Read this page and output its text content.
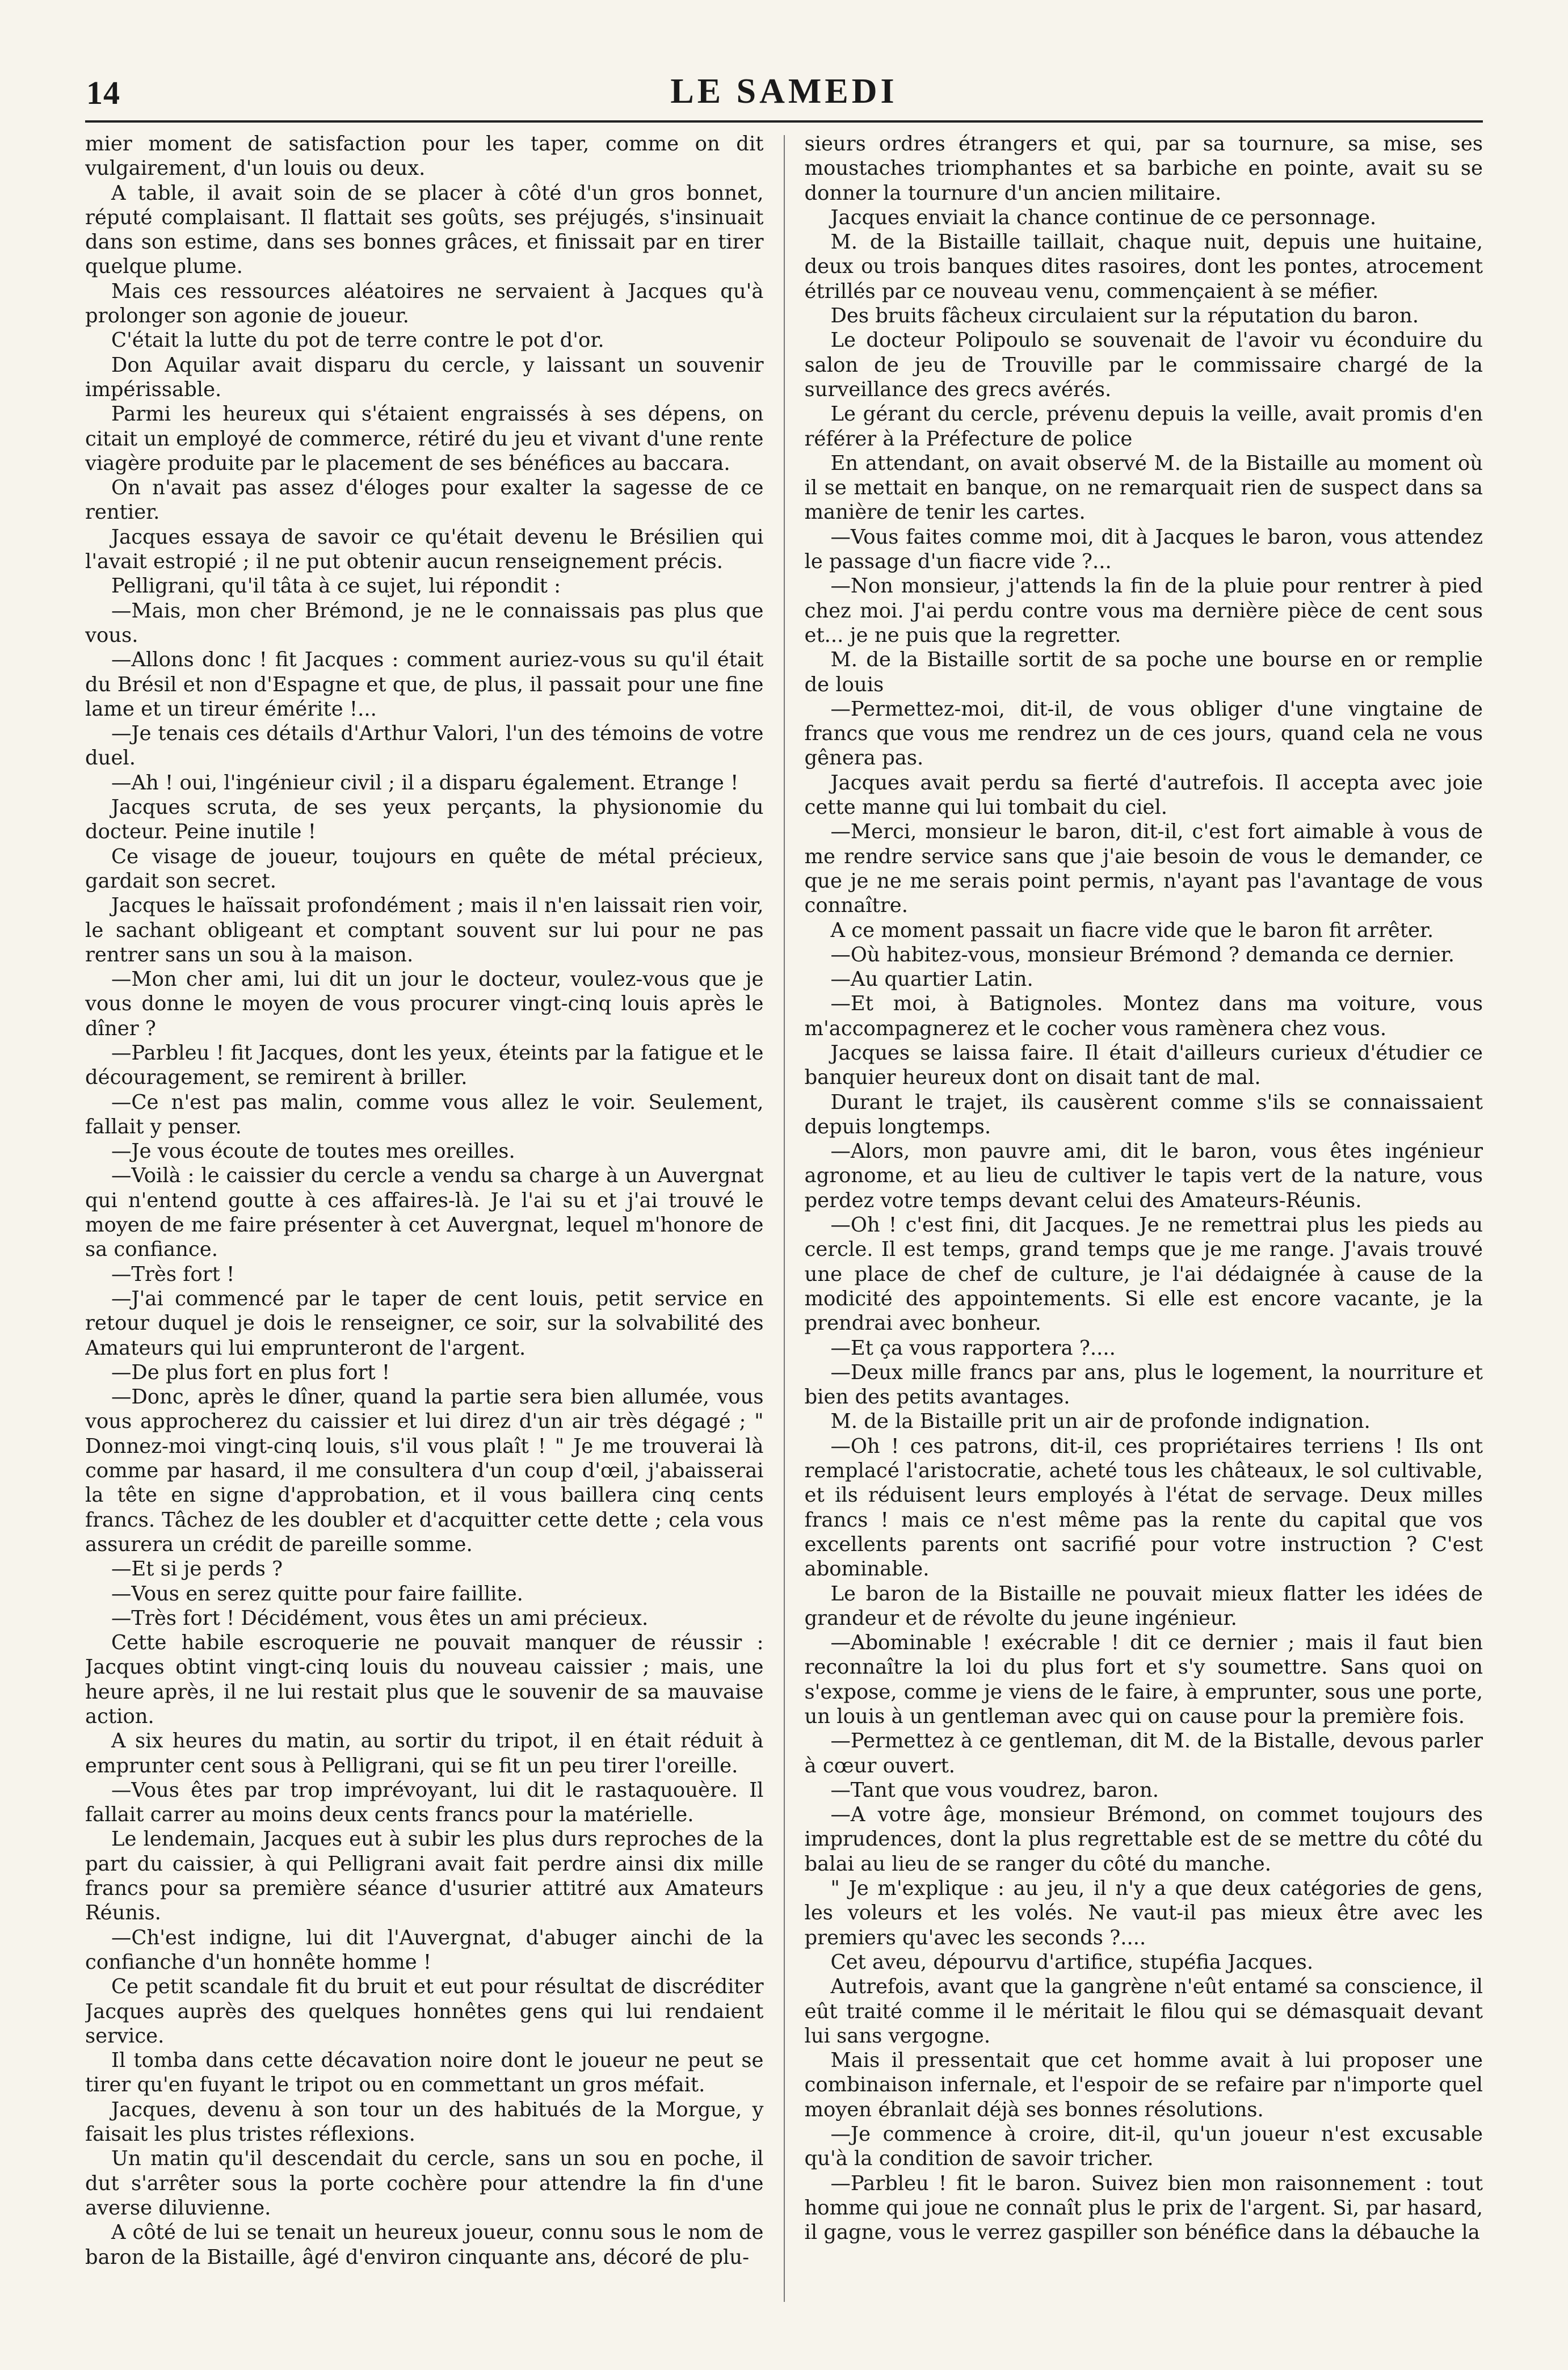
14	LE SAMEDI

mier moment de satisfaction pour les taper, comme on dit vulgairement, d'un louis ou deux.

A table, il avait soin de se placer à côté d'un gros bonnet, réputé complaisant. Il flattait ses goûts, ses préjugés, s'insinuait dans son estime, dans ses bonnes grâces, et finissait par en tirer quelque plume.

Mais ces ressources aléatoires ne servaient à Jacques qu'à prolonger son agonie de joueur.

C'était la lutte du pot de terre contre le pot d'or.

Don Aquilar avait disparu du cercle, y laissant un souvenir impérissable.

Parmi les heureux qui s'étaient engraissés à ses dépens, on citait un employé de commerce, rétiré du jeu et vivant d'une rente viagère produite par le placement de ses bénéfices au baccara.

On n'avait pas assez d'éloges pour exalter la sagesse de ce rentier.

Jacques essaya de savoir ce qu'était devenu le Brésilien qui l'avait estropié ; il ne put obtenir aucun renseignement précis.

Pelligrani, qu'il tâta à ce sujet, lui répondit :

—Mais, mon cher Brémond, je ne le connaissais pas plus que vous.

—Allons donc ! fit Jacques : comment auriez-vous su qu'il était du Brésil et non d'Espagne et que, de plus, il passait pour une fine lame et un tireur émérite !...

—Je tenais ces détails d'Arthur Valori, l'un des témoins de votre duel.

—Ah ! oui, l'ingénieur civil ; il a disparu également. Etrange !

Jacques scruta, de ses yeux perçants, la physionomie du docteur. Peine inutile !

Ce visage de joueur, toujours en quête de métal précieux, gardait son secret.

Jacques le haïssait profondément ; mais il n'en laissait rien voir, le sachant obligeant et comptant souvent sur lui pour ne pas rentrer sans un sou à la maison.

—Mon cher ami, lui dit un jour le docteur, voulez-vous que je vous donne le moyen de vous procurer vingt-cinq louis après le dîner ?

—Parbleu ! fit Jacques, dont les yeux, éteints par la fatigue et le découragement, se remirent à briller.

—Ce n'est pas malin, comme vous allez le voir. Seulement, fallait y penser.

—Je vous écoute de toutes mes oreilles.

—Voilà : le caissier du cercle a vendu sa charge à un Auvergnat qui n'entend goutte à ces affaires-là. Je l'ai su et j'ai trouvé le moyen de me faire présenter à cet Auvergnat, lequel m'honore de sa confiance.

—Très fort !

—J'ai commencé par le taper de cent louis, petit service en retour duquel je dois le renseigner, ce soir, sur la solvabilité des Amateurs qui lui emprunteront de l'argent.

—De plus fort en plus fort !

—Donc, après le dîner, quand la partie sera bien allumée, vous vous approcherez du caissier et lui direz d'un air très dégagé ; " Donnez-moi vingt-cinq louis, s'il vous plaît ! " Je me trouverai là comme par hasard, il me consultera d'un coup d'œil, j'abaisserai la tête en signe d'approbation, et il vous baillera cinq cents francs. Tâchez de les doubler et d'acquitter cette dette ; cela vous assurera un crédit de pareille somme.

—Et si je perds ?

—Vous en serez quitte pour faire faillite.

—Très fort ! Décidément, vous êtes un ami précieux.

Cette habile escroquerie ne pouvait manquer de réussir : Jacques obtint vingt-cinq louis du nouveau caissier ; mais, une heure après, il ne lui restait plus que le souvenir de sa mauvaise action.

A six heures du matin, au sortir du tripot, il en était réduit à emprunter cent sous à Pelligrani, qui se fit un peu tirer l'oreille.

—Vous êtes par trop imprévoyant, lui dit le rastaquouère. Il fallait carrer au moins deux cents francs pour la matérielle.

Le lendemain, Jacques eut à subir les plus durs reproches de la part du caissier, à qui Pelligrani avait fait perdre ainsi dix mille francs pour sa première séance d'usurier attitré aux Amateurs Réunis.

—Ch'est indigne, lui dit l'Auvergnat, d'abuger ainchi de la confianche d'un honnête homme !

Ce petit scandale fit du bruit et eut pour résultat de discréditer Jacques auprès des quelques honnêtes gens qui lui rendaient service.

Il tomba dans cette décavation noire dont le joueur ne peut se tirer qu'en fuyant le tripot ou en commettant un gros méfait.

Jacques, devenu à son tour un des habitués de la Morgue, y faisait les plus tristes réflexions.

Un matin qu'il descendait du cercle, sans un sou en poche, il dut s'arrêter sous la porte cochère pour attendre la fin d'une averse diluvienne.

A côté de lui se tenait un heureux joueur, connu sous le nom de baron de la Bistaille, âgé d'environ cinquante ans, décoré de plu-

sieurs ordres étrangers et qui, par sa tournure, sa mise, ses moustaches triomphantes et sa barbiche en pointe, avait su se donner la tournure d'un ancien militaire.

Jacques enviait la chance continue de ce personnage.

M. de la Bistaille taillait, chaque nuit, depuis une huitaine, deux ou trois banques dites rasoires, dont les pontes, atrocement étrillés par ce nouveau venu, commençaient à se méfier.

Des bruits fâcheux circulaient sur la réputation du baron.

Le docteur Polipoulo se souvenait de l'avoir vu éconduire du salon de jeu de Trouville par le commissaire chargé de la surveillance des grecs avérés.

Le gérant du cercle, prévenu depuis la veille, avait promis d'en référer à la Préfecture de police

En attendant, on avait observé M. de la Bistaille au moment où il se mettait en banque, on ne remarquait rien de suspect dans sa manière de tenir les cartes.

—Vous faites comme moi, dit à Jacques le baron, vous attendez le passage d'un fiacre vide ?...

—Non monsieur, j'attends la fin de la pluie pour rentrer à pied chez moi. J'ai perdu contre vous ma dernière pièce de cent sous et... je ne puis que la regretter.

M. de la Bistaille sortit de sa poche une bourse en or remplie de louis

—Permettez-moi, dit-il, de vous obliger d'une vingtaine de francs que vous me rendrez un de ces jours, quand cela ne vous gênera pas.

Jacques avait perdu sa fierté d'autrefois. Il accepta avec joie cette manne qui lui tombait du ciel.

—Merci, monsieur le baron, dit-il, c'est fort aimable à vous de me rendre service sans que j'aie besoin de vous le demander, ce que je ne me serais point permis, n'ayant pas l'avantage de vous connaître.

A ce moment passait un fiacre vide que le baron fit arrêter.

—Où habitez-vous, monsieur Brémond ? demanda ce dernier.

—Au quartier Latin.

—Et moi, à Batignoles. Montez dans ma voiture, vous m'accompagnerez et le cocher vous ramènera chez vous.

Jacques se laissa faire. Il était d'ailleurs curieux d'étudier ce banquier heureux dont on disait tant de mal.

Durant le trajet, ils causèrent comme s'ils se connaissaient depuis longtemps.

—Alors, mon pauvre ami, dit le baron, vous êtes ingénieur agronome, et au lieu de cultiver le tapis vert de la nature, vous perdez votre temps devant celui des Amateurs-Réunis.

—Oh ! c'est fini, dit Jacques. Je ne remettrai plus les pieds au cercle. Il est temps, grand temps que je me range. J'avais trouvé une place de chef de culture, je l'ai dédaignée à cause de la modicité des appointements. Si elle est encore vacante, je la prendrai avec bonheur.

—Et ça vous rapportera ?....

—Deux mille francs par ans, plus le logement, la nourriture et bien des petits avantages.

M. de la Bistaille prit un air de profonde indignation.

—Oh ! ces patrons, dit-il, ces propriétaires terriens ! Ils ont remplacé l'aristocratie, acheté tous les châteaux, le sol cultivable, et ils réduisent leurs employés à l'état de servage. Deux milles francs ! mais ce n'est même pas la rente du capital que vos excellents parents ont sacrifié pour votre instruction ? C'est abominable.

Le baron de la Bistaille ne pouvait mieux flatter les idées de grandeur et de révolte du jeune ingénieur.

—Abominable ! exécrable ! dit ce dernier ; mais il faut bien reconnaître la loi du plus fort et s'y soumettre. Sans quoi on s'expose, comme je viens de le faire, à emprunter, sous une porte, un louis à un gentleman avec qui on cause pour la première fois.

—Permettez à ce gentleman, dit M. de la Bistalle, devous parler à cœur ouvert.

—Tant que vous voudrez, baron.

—A votre âge, monsieur Brémond, on commet toujours des imprudences, dont la plus regrettable est de se mettre du côté du balai au lieu de se ranger du côté du manche.

" Je m'explique : au jeu, il n'y a que deux catégories de gens, les voleurs et les volés. Ne vaut-il pas mieux être avec les premiers qu'avec les seconds ?....

Cet aveu, dépourvu d'artifice, stupéfia Jacques.

Autrefois, avant que la gangrène n'eût entamé sa conscience, il eût traité comme il le méritait le filou qui se démasquait devant lui sans vergogne.

Mais il pressentait que cet homme avait à lui proposer une combinaison infernale, et l'espoir de se refaire par n'importe quel moyen ébranlait déjà ses bonnes résolutions.

—Je commence à croire, dit-il, qu'un joueur n'est excusable qu'à la condition de savoir tricher.

—Parbleu ! fit le baron. Suivez bien mon raisonnement : tout homme qui joue ne connaît plus le prix de l'argent. Si, par hasard, il gagne, vous le verrez gaspiller son bénéfice dans la débauche la
